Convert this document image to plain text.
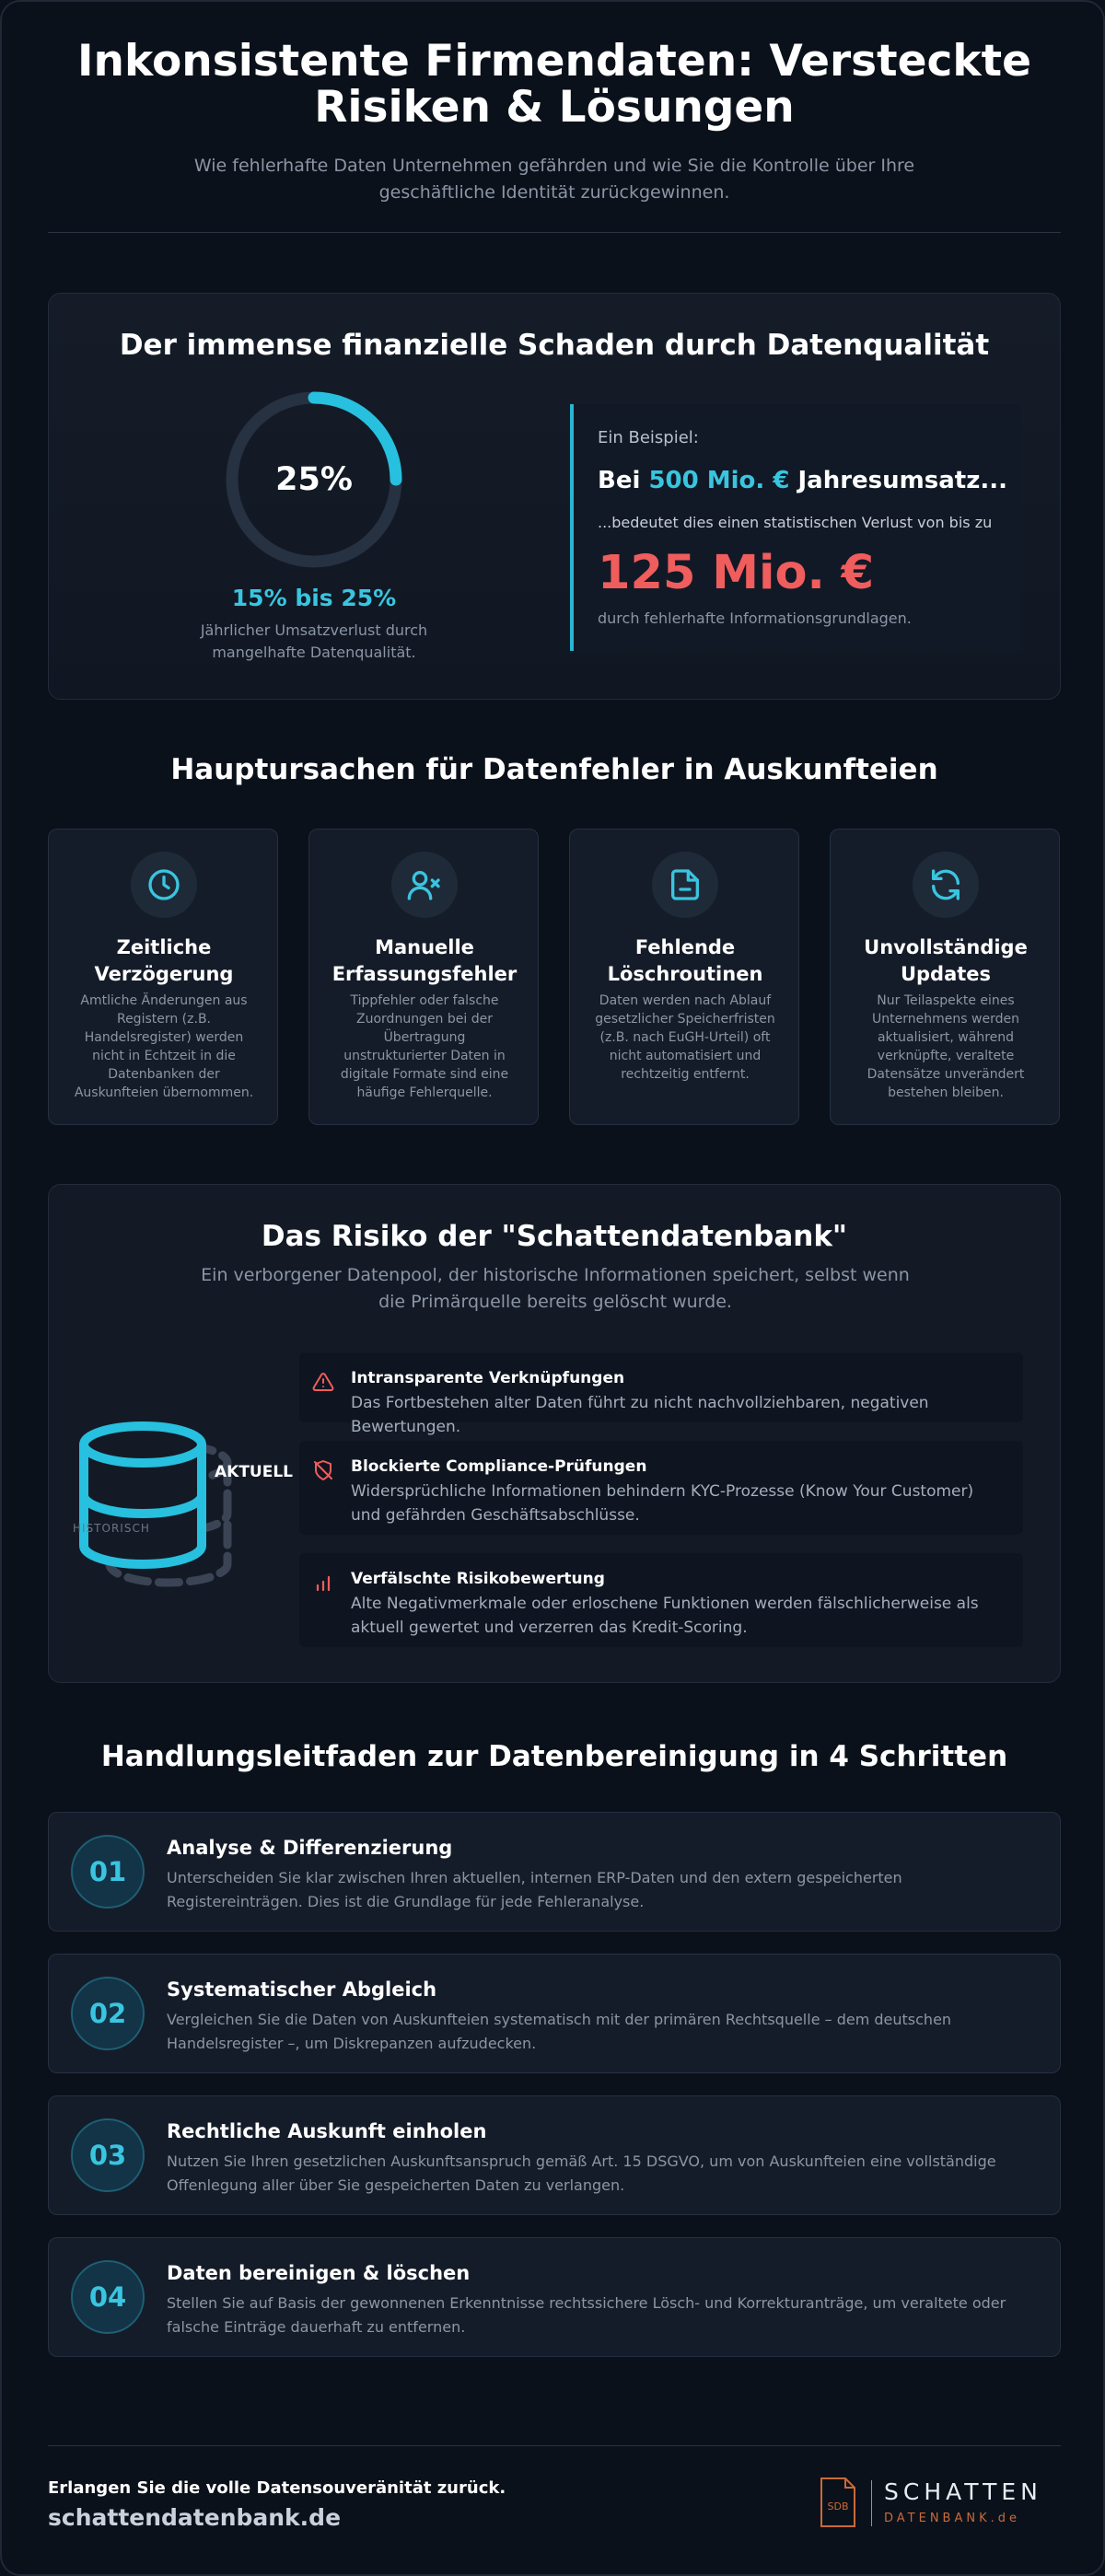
Inkonsistente Firmendaten: Versteckte Risiken & Lösungen

Wie fehlerhafte Daten Unternehmen gefährden und wie Sie die Kontrolle über Ihre geschäftliche Identität zurückgewinnen.

Der immense finanzielle Schaden durch Datenqualität
25%
15% bis 25%
Jährlicher Umsatzverlust durch mangelhafte Datenqualität.
Ein Beispiel:
Bei 500 Mio. € Jahresumsatz...
...bedeutet dies einen statistischen Verlust von bis zu
125 Mio. €
durch fehlerhafte Informationsgrundlagen.
Hauptursachen für Datenfehler in Auskunfteien
Zeitliche Verzögerung
Amtliche Änderungen aus Registern (z.B. Handelsregister) werden nicht in Echtzeit in die Datenbanken der Auskunfteien übernommen.
Manuelle Erfassungsfehler
Tippfehler oder falsche Zuordnungen bei der Übertragung unstrukturierter Daten in digitale Formate sind eine häufige Fehlerquelle.
Fehlende Löschroutinen
Daten werden nach Ablauf gesetzlicher Speicherfristen (z.B. nach EuGH-Urteil) oft nicht automatisiert und rechtzeitig entfernt.
Unvollständige Updates
Nur Teilaspekte eines Unternehmens werden aktualisiert, während verknüpfte, veraltete Datensätze unverändert bestehen bleiben.
Das Risiko der "Schattendatenbank"

Ein verborgener Datenpool, der historische Informationen speichert, selbst wenn die Primärquelle bereits gelöscht wurde.

AKTUELL
HISTORISCH
Intransparente Verknüpfungen
Das Fortbestehen alter Daten führt zu nicht nachvollziehbaren, negativen Bewertungen.
Blockierte Compliance-Prüfungen
Widersprüchliche Informationen behindern KYC-Prozesse (Know Your Customer) und gefährden Geschäftsabschlüsse.
Verfälschte Risikobewertung
Alte Negativmerkmale oder erloschene Funktionen werden fälschlicherweise als aktuell gewertet und verzerren das Kredit-Scoring.
Handlungsleitfaden zur Datenbereinigung in 4 Schritten
01
Analyse & Differenzierung
Unterscheiden Sie klar zwischen Ihren aktuellen, internen ERP-Daten und den extern gespeicherten Registereinträgen. Dies ist die Grundlage für jede Fehleranalyse.
02
Systematischer Abgleich
Vergleichen Sie die Daten von Auskunfteien systematisch mit der primären Rechtsquelle – dem deutschen Handelsregister –, um Diskrepanzen aufzudecken.
03
Rechtliche Auskunft einholen
Nutzen Sie Ihren gesetzlichen Auskunftsanspruch gemäß Art. 15 DSGVO, um von Auskunfteien eine vollständige Offenlegung aller über Sie gespeicherten Daten zu verlangen.
04
Daten bereinigen & löschen
Stellen Sie auf Basis der gewonnenen Erkenntnisse rechtssichere Lösch- und Korrekturanträge, um veraltete oder falsche Einträge dauerhaft zu entfernen.
Erlangen Sie die volle Datensouveränität zurück.
schattendatenbank.de	SDB
SCHATTEN
DATENBANK.de
